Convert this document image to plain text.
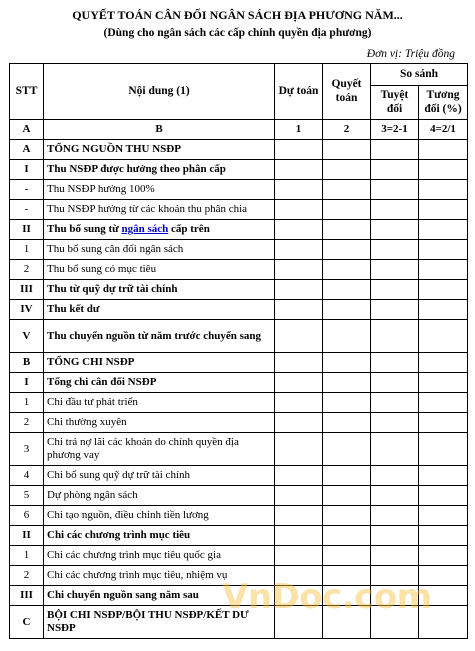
QUYẾT TOÁN CÂN ĐỐI NGÂN SÁCH ĐỊA PHƯƠNG NĂM...
(Dùng cho ngân sách các cấp chính quyền địa phương)
Đơn vị: Triệu đồng
STT	Nội dung (1)	Dự toán	Quyết toán	So sánh	
				Tuyệt đối	Tương đối (%)
A	B	1	2	3=2-1	4=2/1
A	TỔNG NGUỒN THU NSĐP				
I	Thu NSĐP được hưởng theo phân cấp				
-	Thu NSĐP hưởng 100%				
-	Thu NSĐP hưởng từ các khoản thu phân chia				
II	Thu bổ sung từ ngân sách cấp trên				
1	Thu bổ sung cân đối ngân sách				
2	Thu bổ sung có mục tiêu				
III	Thu từ quỹ dự trữ tài chính				
IV	Thu kết dư				
V	Thu chuyển nguồn từ năm trước chuyển sang				
B	TỔNG CHI NSĐP				
I	Tổng chi cân đối NSĐP				
1	Chi đầu tư phát triển				
2	Chi thường xuyên				
3	Chi trả nợ lãi các khoản do chính quyền địa phương vay				
4	Chi bổ sung quỹ dự trữ tài chính				
5	Dự phòng ngân sách				
6	Chi tạo nguồn, điều chỉnh tiền lương				
II	Chi các chương trình mục tiêu				
1	Chi các chương trình mục tiêu quốc gia				
2	Chi các chương trình mục tiêu, nhiệm vụ				
III	Chi chuyển nguồn sang năm sau				
C	BỘI CHI NSĐP/BỘI THU NSĐP/KẾT DƯ NSĐP				
VnDoc.com
